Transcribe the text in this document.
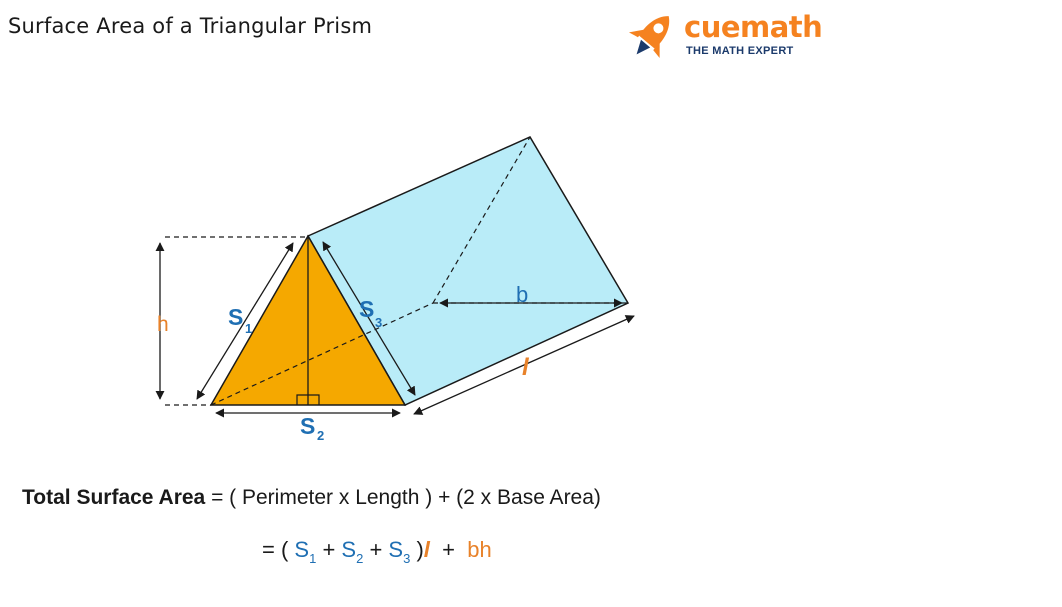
Surface Area of a Triangular Prism	cuemath
THE MATH EXPERT
h	S 1
S 2
S
3
b
l
Total Surface Area = ( Perimeter x Length ) + (2 x Base Area)
= ( $S_1 + S_2 + S_3$ )l  +  bh
